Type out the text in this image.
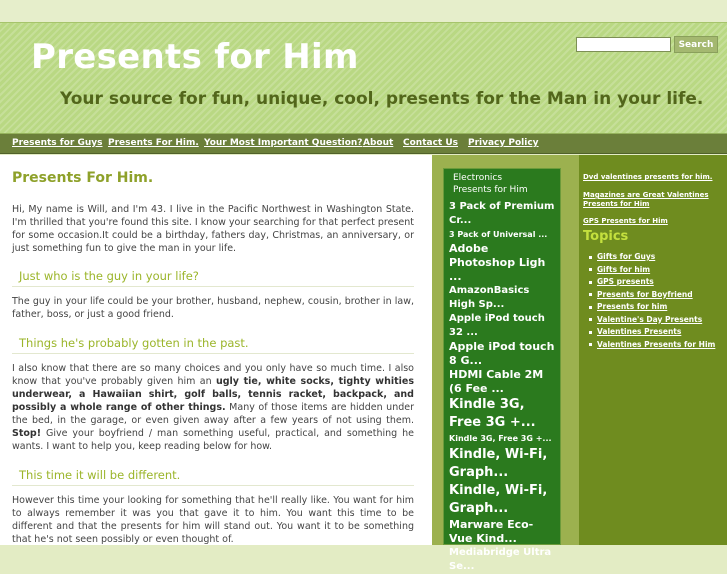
Presents for Him
Your source for fun, unique, cool, presents for the Man in your life.
Search
Presents for Guys Presents For Him. Your Most Important Question? About Contact Us Privacy Policy
Presents For Him.

Hi, My name is Will, and I'm 43. I live in the Pacific Northwest in Washington State. I'm thrilled that you're found this site. I know your searching for that perfect present for some occasion.It could be a birthday, fathers day, Christmas, an anniversary, or just something fun to give the man in your life.

Just who is the guy in your life?

The guy in your life could be your brother, husband, nephew, cousin, brother in law, father, boss, or just a good friend.

Things he's probably gotten in the past.

I also know that there are so many choices and you only have so much time. I also know that you've probably given him an ugly tie, white socks, tighty whities underwear, a Hawaiian shirt, golf balls, tennis racket, backpack, and possibly a whole range of other things. Many of those items are hidden under the bed, in the garage, or even given away after a few years of not using them. Stop! Give your boyfriend / man something useful, practical, and something he wants. I want to help you, keep reading below for how.

This time it will be different.

However this time your looking for something that he'll really like. You want for him to always remember it was you that gave it to him. You want this time to be different and that the presents for him will stand out. You want it to be something that he's not seen possibly or even thought of.

Electronics
Presents for Him
3 Pack of Premium Cr...
3 Pack of Universal ...
Adobe Photoshop Ligh ...
AmazonBasics High Sp...
Apple iPod touch 32 ...
Apple iPod touch 8 G...
HDMI Cable 2M (6 Fee ...
Kindle 3G, Free 3G +...
Kindle 3G, Free 3G +...
Kindle, Wi-Fi, Graph...
Kindle, Wi-Fi, Graph...
Marware Eco-Vue Kind...
Mediabridge Ultra Se...
Dvd valentines presents for him.
Magazines are Great Valentines Presents for Him
GPS Presents for Him
Topics
Gifts for Guys
Gifts for him
GPS presents
Presents for Boyfriend
Presents for him
Valentine's Day Presents
Valentines Presents
Valentines Presents for Him
